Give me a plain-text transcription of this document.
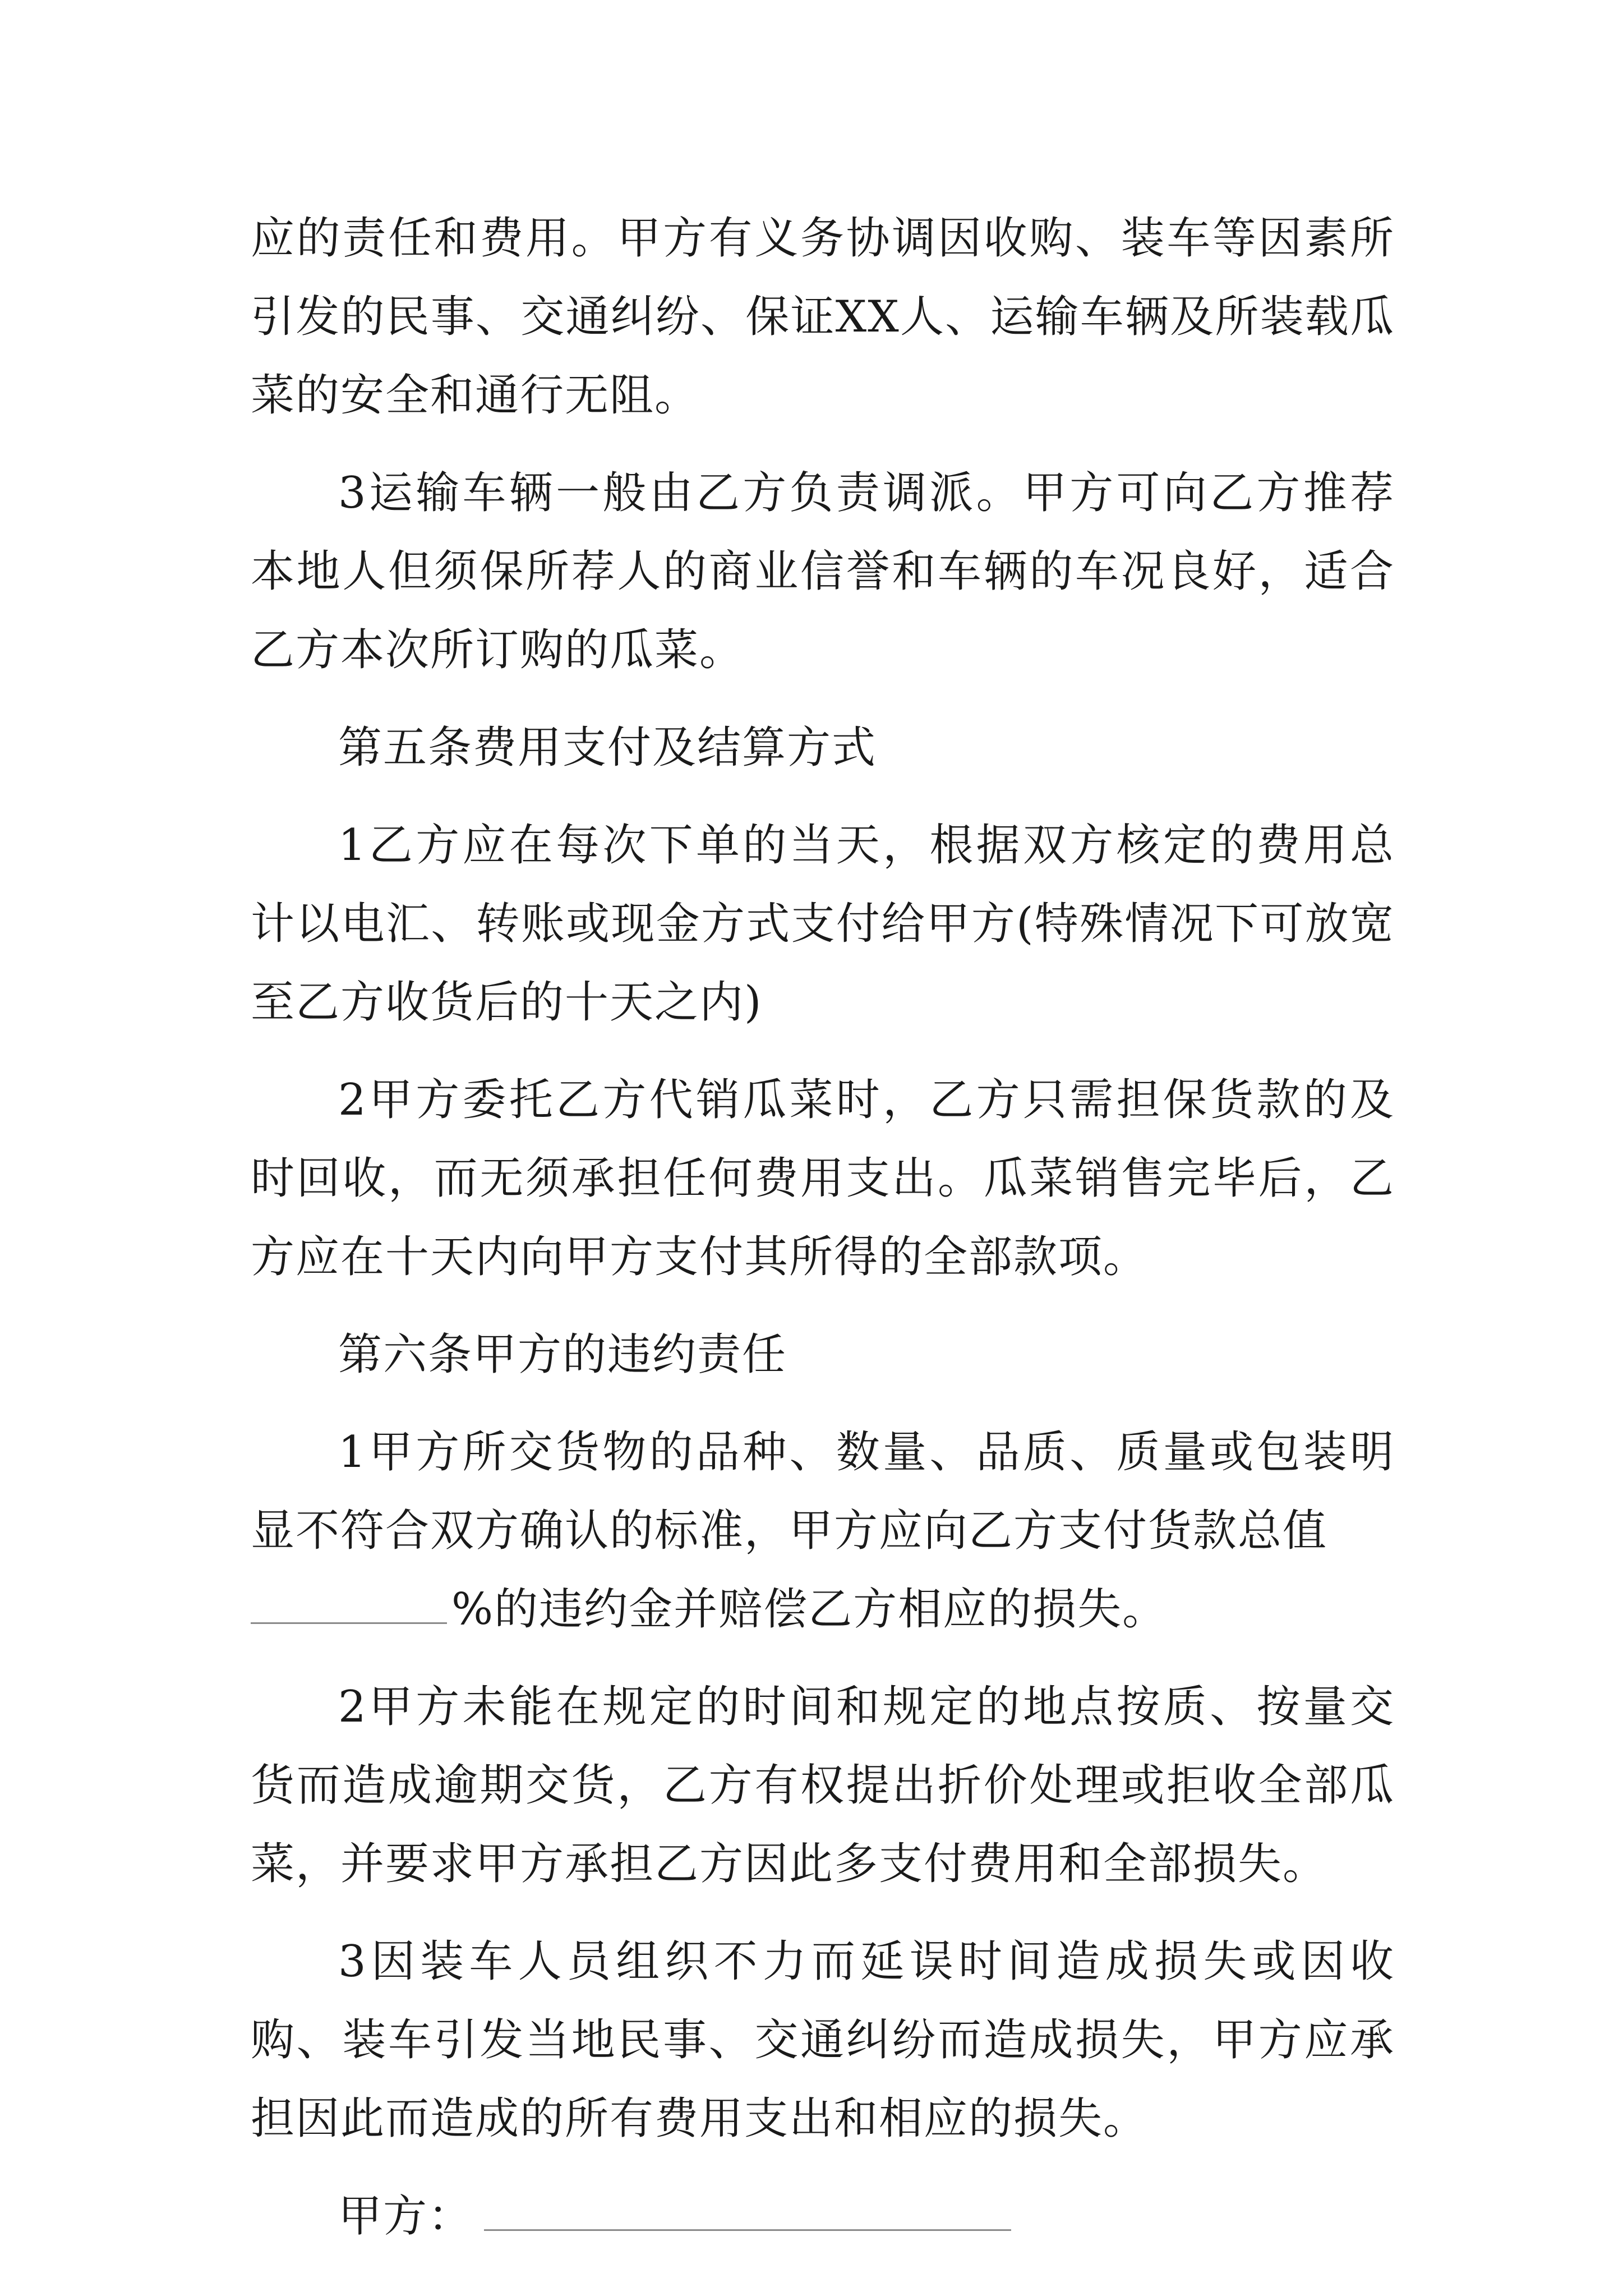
应的责任和费用。甲方有义务协调因收购、装车等因素所引发的民事、交通纠纷、保证XX人、运输车辆及所装载瓜菜的安全和通行无阻。

3运输车辆一般由乙方负责调派。甲方可向乙方推荐本地人但须保所荐人的商业信誉和车辆的车况良好，适合乙方本次所订购的瓜菜。

第五条费用支付及结算方式

1乙方应在每次下单的当天，根据双方核定的费用总计以电汇、转账或现金方式支付给甲方(特殊情况下可放宽至乙方收货后的十天之内)

2甲方委托乙方代销瓜菜时，乙方只需担保货款的及时回收，而无须承担任何费用支出。瓜菜销售完毕后，乙方应在十天内向甲方支付其所得的全部款项。

第六条甲方的违约责任

1甲方所交货物的品种、数量、品质、质量或包装明显不符合双方确认的标准，甲方应向乙方支付货款总值

%的违约金并赔偿乙方相应的损失。

2甲方未能在规定的时间和规定的地点按质、按量交货而造成逾期交货，乙方有权提出折价处理或拒收全部瓜菜，并要求甲方承担乙方因此多支付费用和全部损失。

3因装车人员组织不力而延误时间造成损失或因收购、装车引发当地民事、交通纠纷而造成损失，甲方应承担因此而造成的所有费用支出和相应的损失。

甲方：
